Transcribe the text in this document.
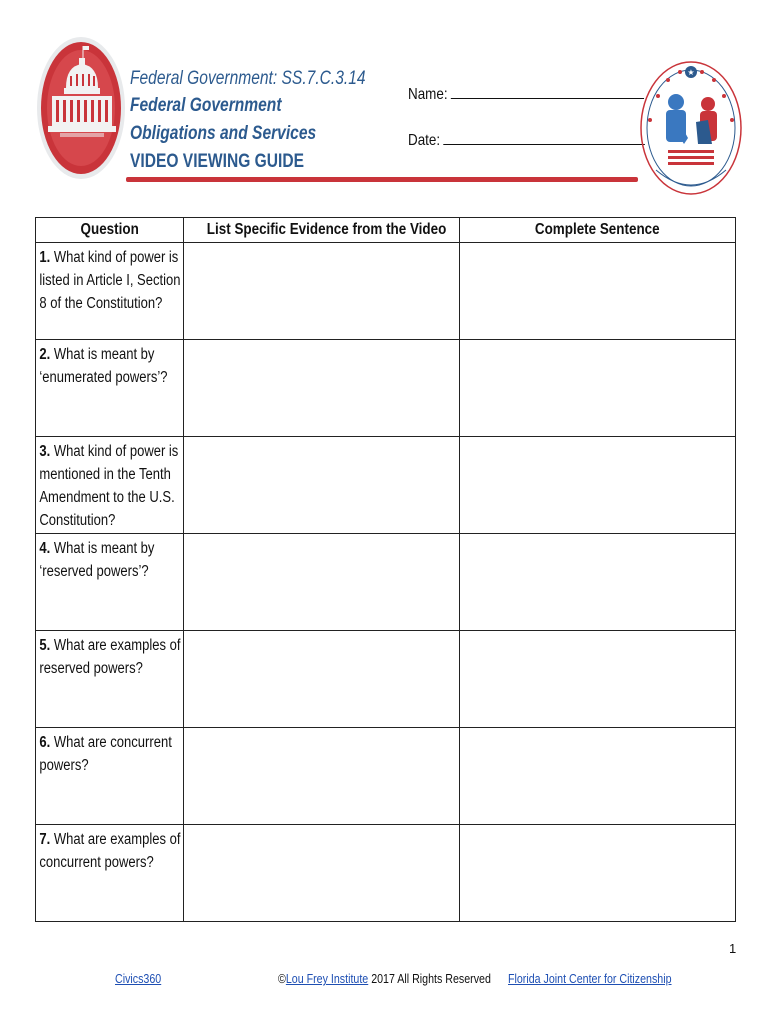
Federal Government: SS.7.C.3.14
Federal Government
Obligations and Services
VIDEO VIEWING GUIDE
Name:
Date:
★
Question	List Specific Evidence from the Video	Complete Sentence

1. What kind of power is listed in Article I, Section 8 of the Constitution?		

2. What is meant by ‘enumerated powers’?		

3. What kind of power is mentioned in the Tenth Amendment to the U.S. Constitution?		

4. What is meant by ‘reserved powers’?		

5. What are examples of reserved powers?		

6. What are concurrent powers?		

7. What are examples of concurrent powers?		

1
Civics360	©Lou Frey Institute 2017 All Rights Reserved Florida Joint Center for Citizenship
